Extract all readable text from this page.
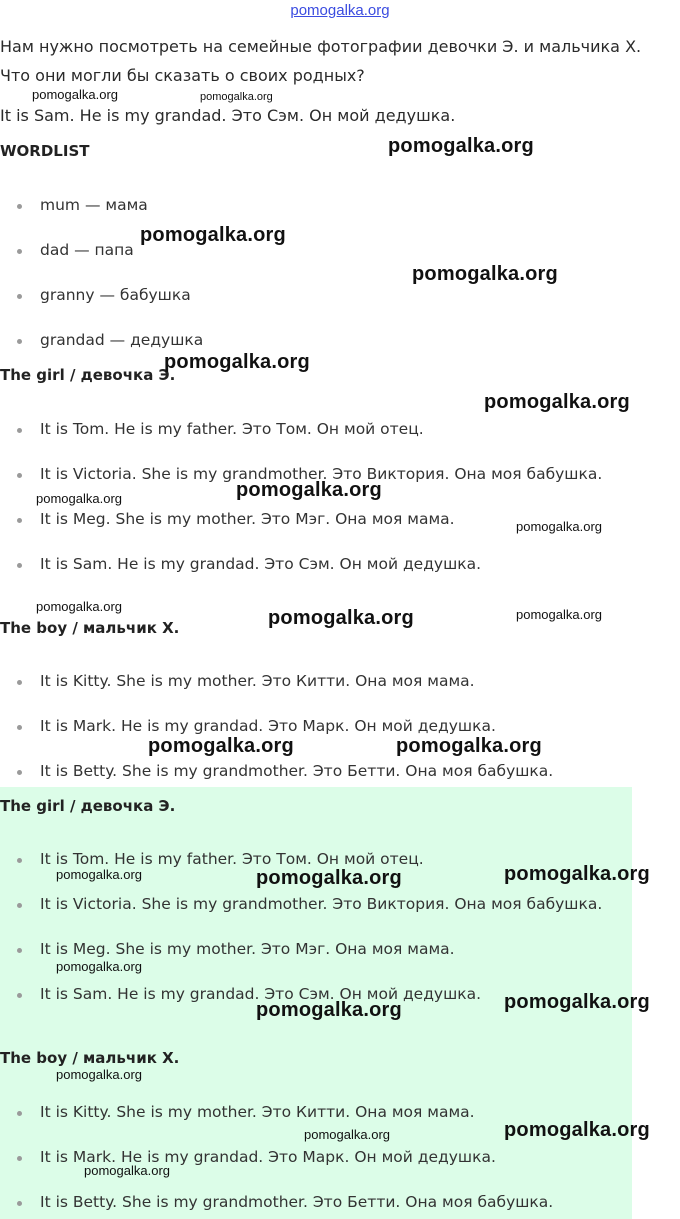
pomogalka.org
Нам нужно посмотреть на семейные фотографии девочки Э. и мальчика Х. Что они могли бы сказать о своих родных?
It is Sam. He is my grandad. Это Сэм. Он мой дедушка.
WORDLIST
mum — мама
dad — папа
granny — бабушка
grandad — дедушка
The girl / девочка Э.
It is Tom. He is my father. Это Том. Он мой отец.
It is Victoria. She is my grandmother. Это Виктория. Она моя бабушка.
It is Meg. She is my mother. Это Мэг. Она моя мама.
It is Sam. He is my grandad. Это Сэм. Он мой дедушка.
The boy / мальчик Х.
It is Kitty. She is my mother. Это Китти. Она моя мама.
It is Mark. He is my grandad. Это Марк. Он мой дедушка.
It is Betty. She is my grandmother. Это Бетти. Она моя бабушка.
The girl / девочка Э.
It is Tom. He is my father. Это Том. Он мой отец.
It is Victoria. She is my grandmother. Это Виктория. Она моя бабушка.
It is Meg. She is my mother. Это Мэг. Она моя мама.
It is Sam. He is my grandad. Это Сэм. Он мой дедушка.
The boy / мальчик Х.
It is Kitty. She is my mother. Это Китти. Она моя мама.
It is Mark. He is my grandad. Это Марк. Он мой дедушка.
It is Betty. She is my grandmother. Это Бетти. Она моя бабушка.
pomogalka.org	pomogalka.org
pomogalka.org
pomogalka.org
pomogalka.org
pomogalka.org
pomogalka.org
pomogalka.org	pomogalka.org
pomogalka.org
pomogalka.org
pomogalka.org	pomogalka.org
pomogalka.org	pomogalka.org
pomogalka.org	pomogalka.org	pomogalka.org
pomogalka.org
pomogalka.org
pomogalka.org
pomogalka.org
pomogalka.org	pomogalka.org
pomogalka.org
